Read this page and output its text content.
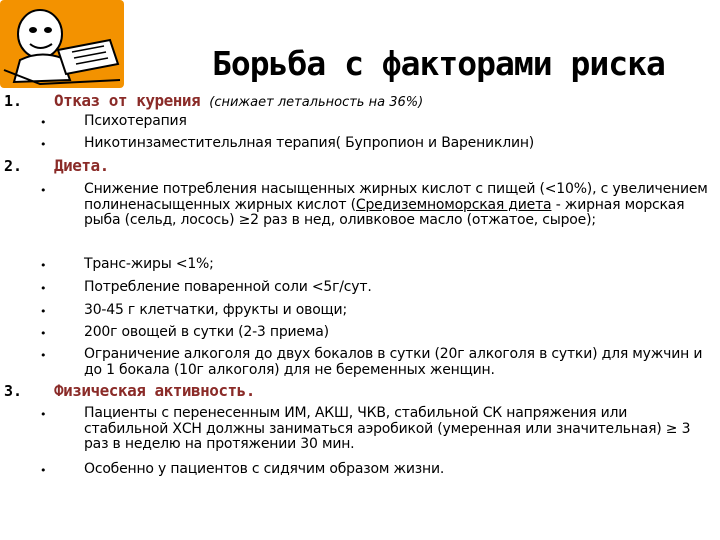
Борьба с факторами риска
1. Отказ от курения (снижает летальность на 36%)
•	Психотерапия
•	Никотинзаместительлная терапия( Бупропион и Варениклин)
2. Диета.
•	Снижение потребления насыщенных жирных кислот с пищей (<10%), с увеличением полиненасыщенных жирных кислот (Средиземноморская диета - жирная морская рыба (сельд, лосось) ≥2 раз в нед, оливковое масло (отжатое, сырое);
•	Транс-жиры <1%;
•	Потребление поваренной соли <5г/сут.
•	30-45 г клетчатки, фрукты и овощи;
•	200г овощей в сутки (2-3 приема)
•	Ограничение алкоголя до двух бокалов в сутки (20г алкоголя в сутки) для мужчин и до 1 бокала (10г алкоголя) для не беременных женщин.
3. Физическая активность.
•	Пациенты с перенесенным ИМ, АКШ, ЧКВ, стабильной СК напряжения или стабильной ХСН должны заниматься аэробикой (умеренная или значительная) ≥ 3 раз в неделю на протяжении 30 мин.
•	Особенно у пациентов с сидячим образом жизни.
